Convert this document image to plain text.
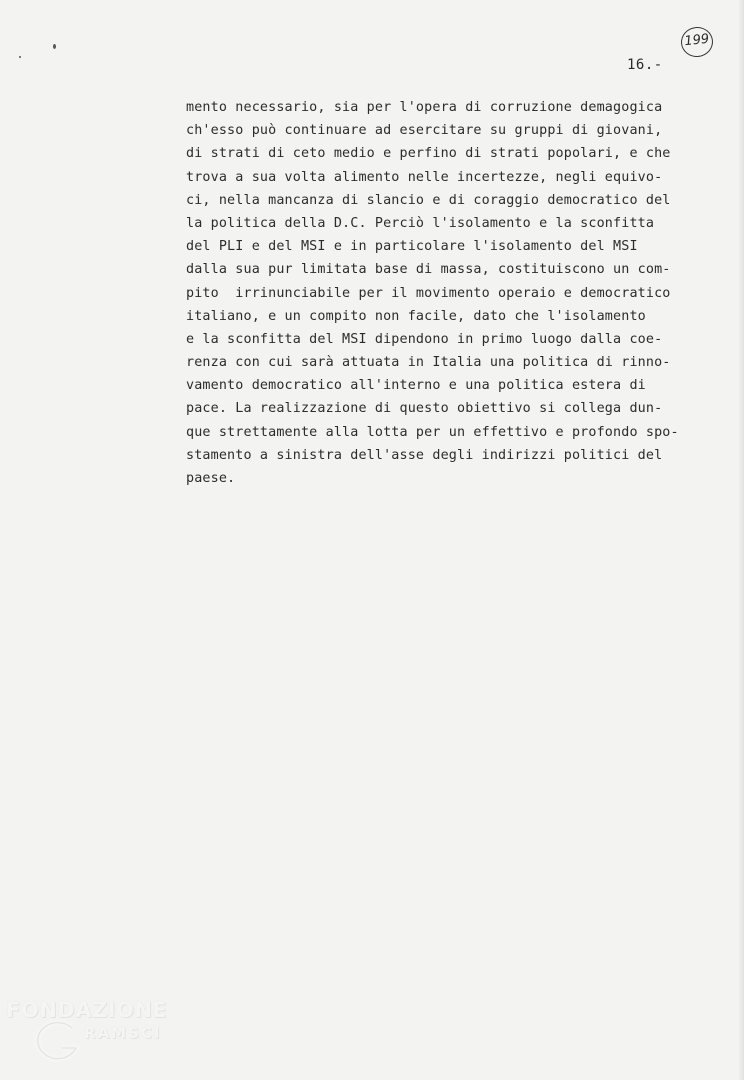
199
16.-
mento necessario, sia per l'opera di corruzione demagogica
ch'esso può continuare ad esercitare su gruppi di giovani,
di strati di ceto medio e perfino di strati popolari, e che
trova a sua volta alimento nelle incertezze, negli equivo-
ci, nella mancanza di slancio e di coraggio democratico del
la politica della D.C. Perciò l'isolamento e la sconfitta
del PLI e del MSI e in particolare l'isolamento del MSI
dalla sua pur limitata base di massa, costituiscono un com-
pito  irrinunciabile per il movimento operaio e democratico
italiano, e un compito non facile, dato che l'isolamento
e la sconfitta del MSI dipendono in primo luogo dalla coe-
renza con cui sarà attuata in Italia una politica di rinno-
vamento democratico all'interno e una politica estera di
pace. La realizzazione di questo obiettivo si collega dun-
que strettamente alla lotta per un effettivo e profondo spo-
stamento a sinistra dell'asse degli indirizzi politici del
paese.
FONDAZIONE
RAMSCI
